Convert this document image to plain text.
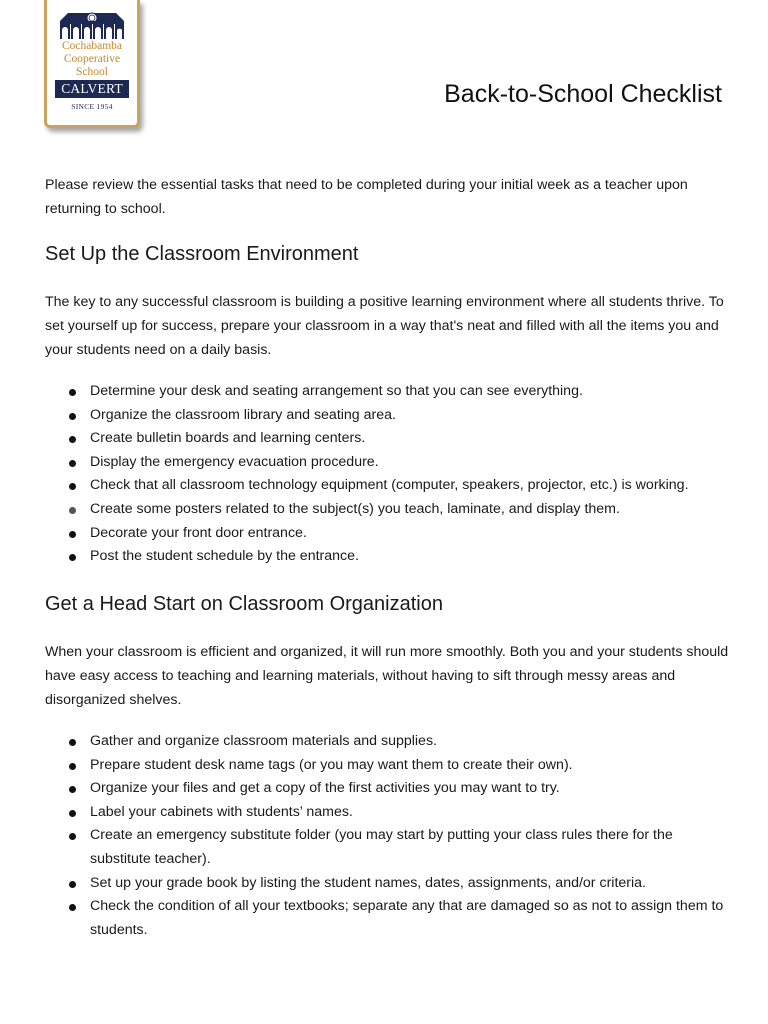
Cochabamba
Cooperative
School
CALVERT
SINCE 1954	Back-to-School Checklist

Please review the essential tasks that need to be completed during your initial week as a teacher upon returning to school.

Set Up the Classroom Environment

The key to any successful classroom is building a positive learning environment where all students thrive. To set yourself up for success, prepare your classroom in a way that's neat and filled with all the items you and your students need on a daily basis.

Determine your desk and seating arrangement so that you can see everything.
Organize the classroom library and seating area.
Create bulletin boards and learning centers.
Display the emergency evacuation procedure.
Check that all classroom technology equipment (computer, speakers, projector, etc.) is working.
Create some posters related to the subject(s) you teach, laminate, and display them.
Decorate your front door entrance.
Post the student schedule by the entrance.
Get a Head Start on Classroom Organization

When your classroom is efficient and organized, it will run more smoothly. Both you and your students should have easy access to teaching and learning materials, without having to sift through messy areas and disorganized shelves.

Gather and organize classroom materials and supplies.
Prepare student desk name tags (or you may want them to create their own).
Organize your files and get a copy of the first activities you may want to try.
Label your cabinets with students’ names.
Create an emergency substitute folder (you may start by putting your class rules there for the substitute teacher).
Set up your grade book by listing the student names, dates, assignments, and/or criteria.
Check the condition of all your textbooks; separate any that are damaged so as not to assign them to students.
